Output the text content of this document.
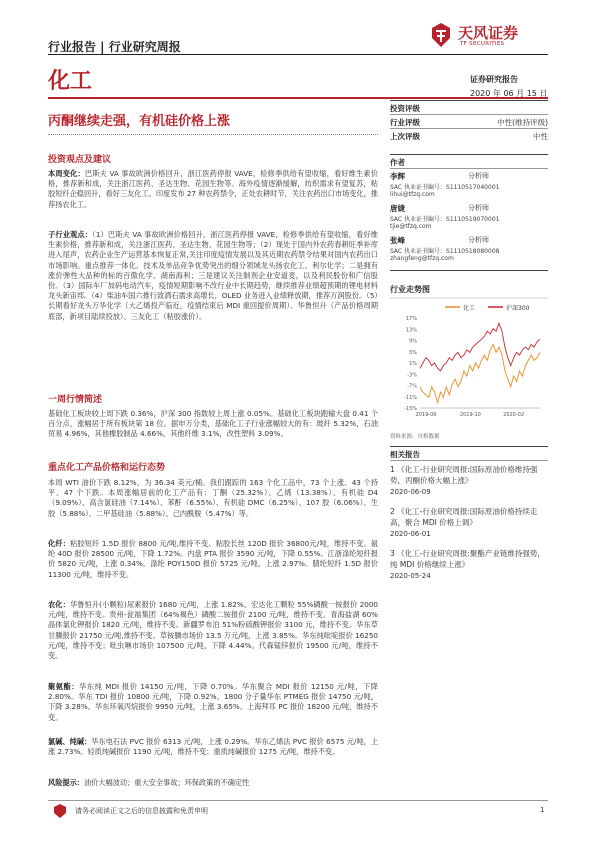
行业报告 | 行业研究周报
天风证券
TF SECURITIES
化工	证券研究报告
2020 年 06 月 15 日
丙酮继续走强，有机硅价格上涨
投资观点及建议
本周变化：巴斯夫 VA 事故欧洲价格回升，浙江医药停报 VAVE，检修季供给有望收缩，看好维生素价格，推荐新和成，关注浙江医药、圣达生物、花园生物等。海外疫情逐渐缓解，纺织需求有望复苏，粘胶短纤企稳回升，看好三友化工。印度发布 27 种农药禁令，正处农耕时节，关注农药出口市场变化，推荐扬农化工。
子行业观点：（1）巴斯夫 VA 事故欧洲价格回升，浙江医药停报 VAVE，检修季供给有望收缩，看好维生素价格，推荐新和成，关注浙江医药、圣达生物、花园生物等；（2）现处于国内外农药春耕旺季补库进入尾声，农药企业生产运营基本恢复正常,关注印度疫情发展以及其近期农药禁令结果对国内农药出口市场影响。重点推荐一体化、技术及单品竞争优势突出的细分领域龙头扬农化工、利尔化学；二是拥有涨价弹性大品种的标的百傲化学、湖南海利；三是建议关注制剂企业安道麦，以及利民股份和广信股份。（3）国际车厂加码电动汽车，疫情短期影响不改行业中长期趋势，继续推荐业绩超预期的锂电材料龙头新宙邦。（4）柴油车国六推行致洒石需求高增长，OLED 业务进入业绩释放期，推荐万润股份。（5）长期看好龙头万华化学（大乙烯投产临近，疫情结束后 MDI 重回提价周期）、华鲁恒升（产品价格周期底部，新项目陆续投放）、三友化工（粘胶涨价）。
一周行情简述
基础化工板块较上周下跌 0.36%，沪深 300 指数较上周上涨 0.05%。基础化工板块跑输大盘 0.41 个百分点，涨幅居于所有板块第 18 位。据申万分类，基础化工子行业涨幅较大的有：玻纤 5.32%，石油贸易 4.96%，其他橡胶制品 4.66%，其他纤维 3.1%，改性塑料 3.09%。
重点化工产品价格和运行态势
本周 WTI 油价下跌 8.12%，为 36.34 美元/桶。我们跟踪的 163 个化工品中，73 个上涨、43 个持平、47 个下跌。本周涨幅居前的化工产品有：丁酮（25.32%）、乙烯（13.38%）、有机硅 D4（9.09%）、高含氯硅油（7.14%）、苯酐（6.55%）、有机硅 DMC（6.25%）、107 胶（6.06%）、生胶（5.88%）、二甲基硅油（5.88%）、己内酰胺（5.47%）等。
化纤：粘胶短纤 1.5D 报价 8800 元/吨,维持不变。粘胶长丝 120D 报价 36800元/吨，维持不变。氨纶 40D 报价 28500 元/吨，下降 1.72%。内盘 PTA 报价 3590 元/吨，下降 0.55%。江浙涤纶短纤报价 5820 元/吨，上涨 0.34%。涤纶 POY150D 报价 5725 元/吨，上涨 2.97%。腈纶短纤 1.5D 报价 11300 元/吨，维持不变。
农化：华鲁恒升(小颗粒)尿素报价 1680 元/吨，上涨 1.82%。宏达化工颗粒 55%磷酸一铵报价 2000 元/吨，维持不变。贵州-瓮福集团（64%褐色）磷酸二铵报价 2100 元/吨，维持不变。青海盐湖 60%晶体氯化钾报价 1820 元/吨，维持不变。新疆罗布泊 51%粉硫酸钾报价 3100 元，维持不变。华东草甘膦报价 21750 元/吨,维持不变。草铵膦市场价 13.5 万元/吨，上涨 3.85%。华东纯吡啶报价 16250 元/吨，维持不变；吡虫啉市场价 107500 元/吨，下降 4.44%。代森锰锌报价 19500 元/吨，维持不变。
聚氨酯：华东纯 MDI 报价 14150 元/吨，下降 0.70%。华东聚合 MDI 报价 12150 元/吨，下降 2.80%。华东 TDI 报价 10800 元/吨，下降 0.92%。1800 分子量华东 PTMEG 报价 14750 元/吨，下降 3.28%。华东环氧丙烷报价 9950 元/吨，上涨 3.65%。上海拜耳 PC 报价 18200 元/吨，维持不变。
氯碱、纯碱：华东电石法 PVC 报价 6313 元/吨，上涨 0.29%。华东乙烯法 PVC 报价 6575 元/吨，上涨 2.73%。轻质纯碱报价 1190 元/吨，维持不变；重质纯碱报价 1275 元/吨，维持不变。
风险提示：油价大幅波动；重大安全事故；环保政策的不确定性
投资评级
行业评级	中性(维持评级)
上次评级	中性
作者
李辉	分析师
SAC 执业证书编号：S1110517040001
lihui@tfzq.com
唐婕	分析师
SAC 执业证书编号：S1110519070001
tjie@tfzq.com
张峰	分析师
SAC 执业证书编号：S1110518080008
zhangfeng@tfzq.com
行业走势图
化工	沪深300
17%
13%
9%
5%
1%
-3%
-7%
-11%
-15%
2019-06	2019-10	2020-02
资料来源：贝格数据
相关报告
1 《化工-行业研究周报:国际原油价格维持强势，丙酮价格大幅上涨》
2020-06-09
2 《化工-行业研究周报:国际原油价格持续走高，聚合 MDI 价格上调》
2020-06-01
3 《化工-行业研究周报:聚酯产业链维持强势，纯 MDI 价格继续上涨》
2020-05-24
请务必阅读正文之后的信息披露和免责申明	1
